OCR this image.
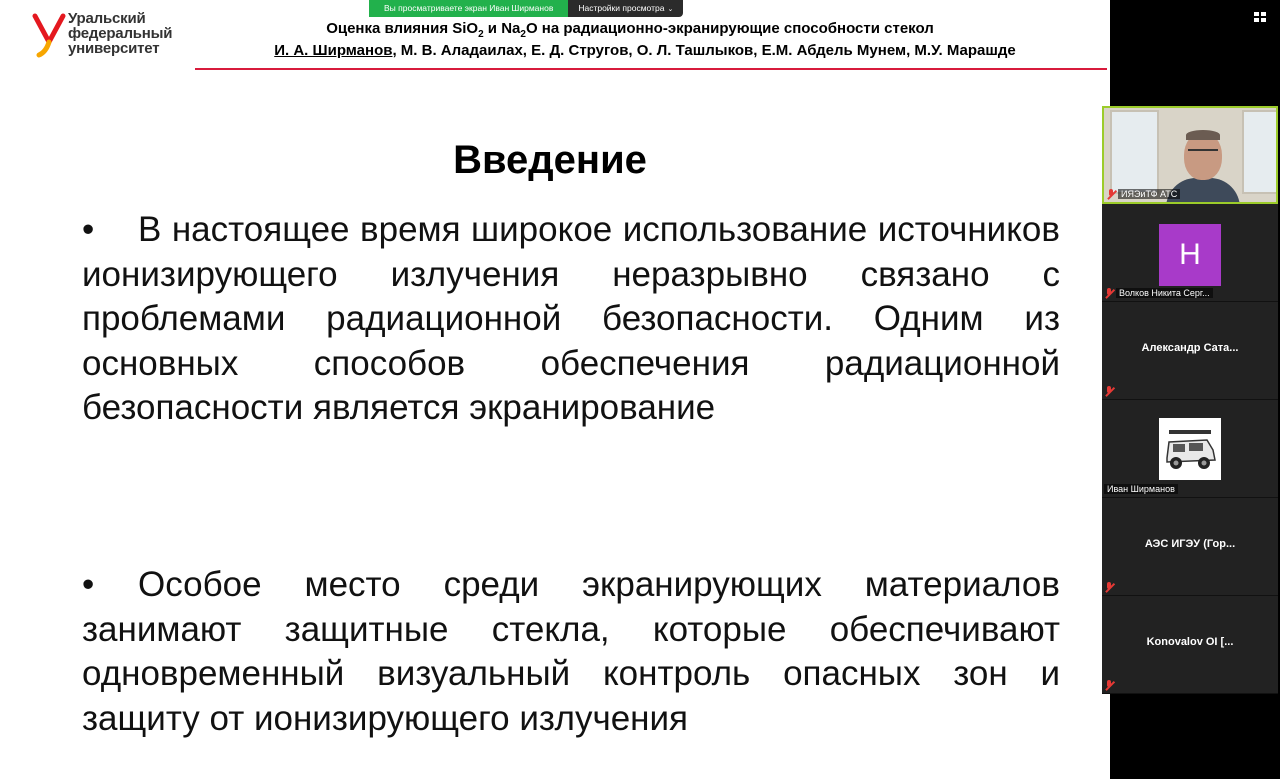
Уральский
федеральный
университет
Оценка влияния SiO$_2$ и $Na_2O$ на радиационно-экранирующие способности стекол
И. А. Ширманов, М. В. Аладаилах, Е. Д. Стругов, О. Л. Ташлыков, Е.М. Абдель Мунем, М.У. Марашде
Введение
• В настоящее время широкое использование источников ионизирующего излучения неразрывно связано с проблемами радиационной безопасности. Одним из основных способов обеспечения радиационной безопасности является экранирование
• Особое место среди экранирующих материалов занимают защитные стекла, которые обеспечивают одновременный визуальный контроль опасных зон и защиту от ионизирующего излучения
Вы просматриваете экран Иван Ширманов	Настройки просмотра ⌄
ИЯЭиТФ АТС
Н
Волков Никита Серг...
Александр Сата...
Иван Ширманов
АЭС ИГЭУ (Гор...
Konovalov OI [...
